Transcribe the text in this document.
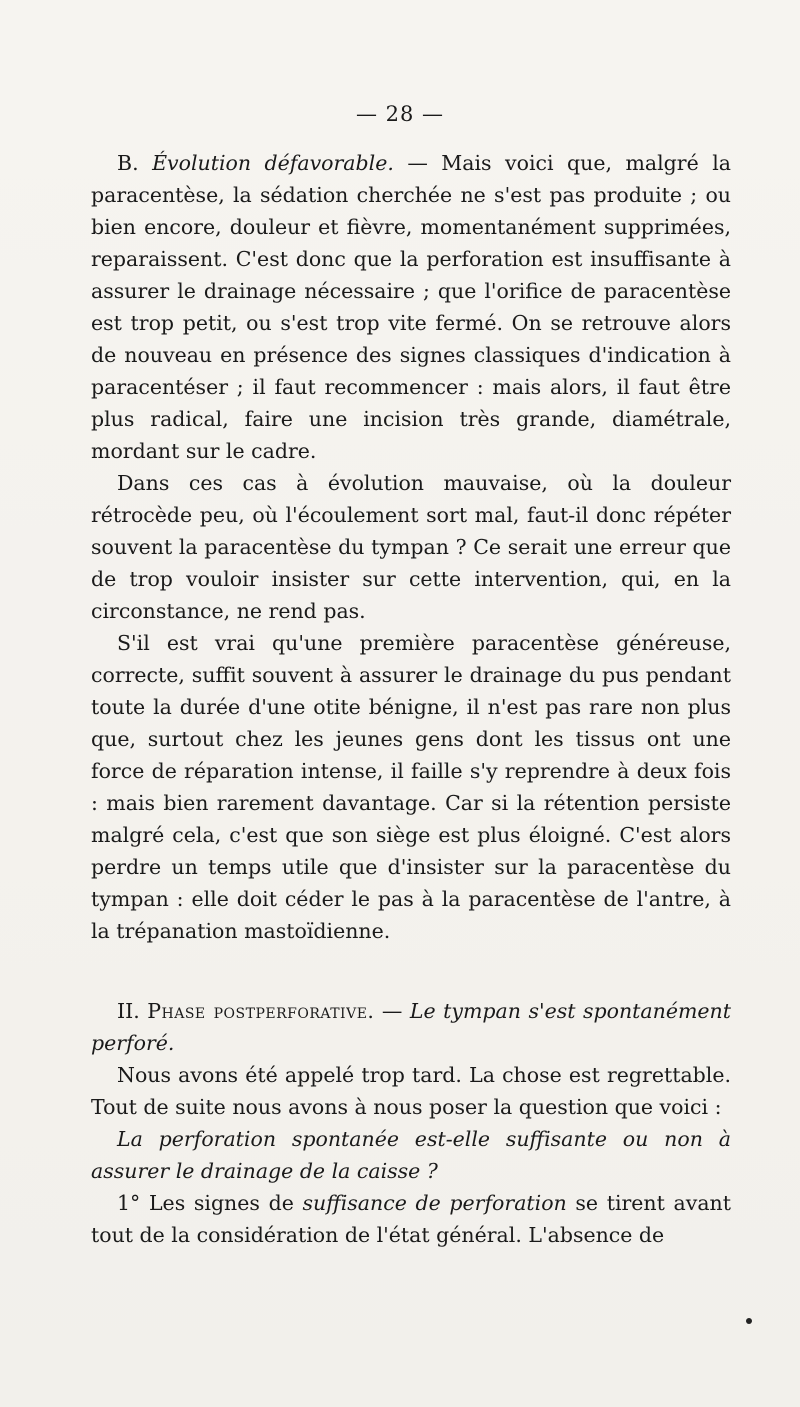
— 28 —

B. Évolution défavorable. — Mais voici que, malgré la paracentèse, la sédation cherchée ne s'est pas produite ; ou bien encore, douleur et fièvre, momentanément supprimées, reparaissent. C'est donc que la perforation est insuffisante à assurer le drainage nécessaire ; que l'orifice de paracentèse est trop petit, ou s'est trop vite fermé. On se retrouve alors de nouveau en présence des signes classiques d'indication à paracentéser ; il faut recommencer : mais alors, il faut être plus radical, faire une incision très grande, diamétrale, mordant sur le cadre.

Dans ces cas à évolution mauvaise, où la douleur rétrocède peu, où l'écoulement sort mal, faut-il donc répéter souvent la paracentèse du tympan ? Ce serait une erreur que de trop vouloir insister sur cette intervention, qui, en la circonstance, ne rend pas.

S'il est vrai qu'une première paracentèse généreuse, correcte, suffit souvent à assurer le drainage du pus pendant toute la durée d'une otite bénigne, il n'est pas rare non plus que, surtout chez les jeunes gens dont les tissus ont une force de réparation intense, il faille s'y reprendre à deux fois : mais bien rarement davantage. Car si la rétention persiste malgré cela, c'est que son siège est plus éloigné. C'est alors perdre un temps utile que d'insister sur la paracentèse du tympan : elle doit céder le pas à la paracentèse de l'antre, à la trépanation mastoïdienne.

II. Phase postperforative. — Le tympan s'est spontanément perforé.

Nous avons été appelé trop tard. La chose est regrettable. Tout de suite nous avons à nous poser la question que voici :

La perforation spontanée est-elle suffisante ou non à assurer le drainage de la caisse ?

1° Les signes de suffisance de perforation se tirent avant tout de la considération de l'état général. L'absence de
